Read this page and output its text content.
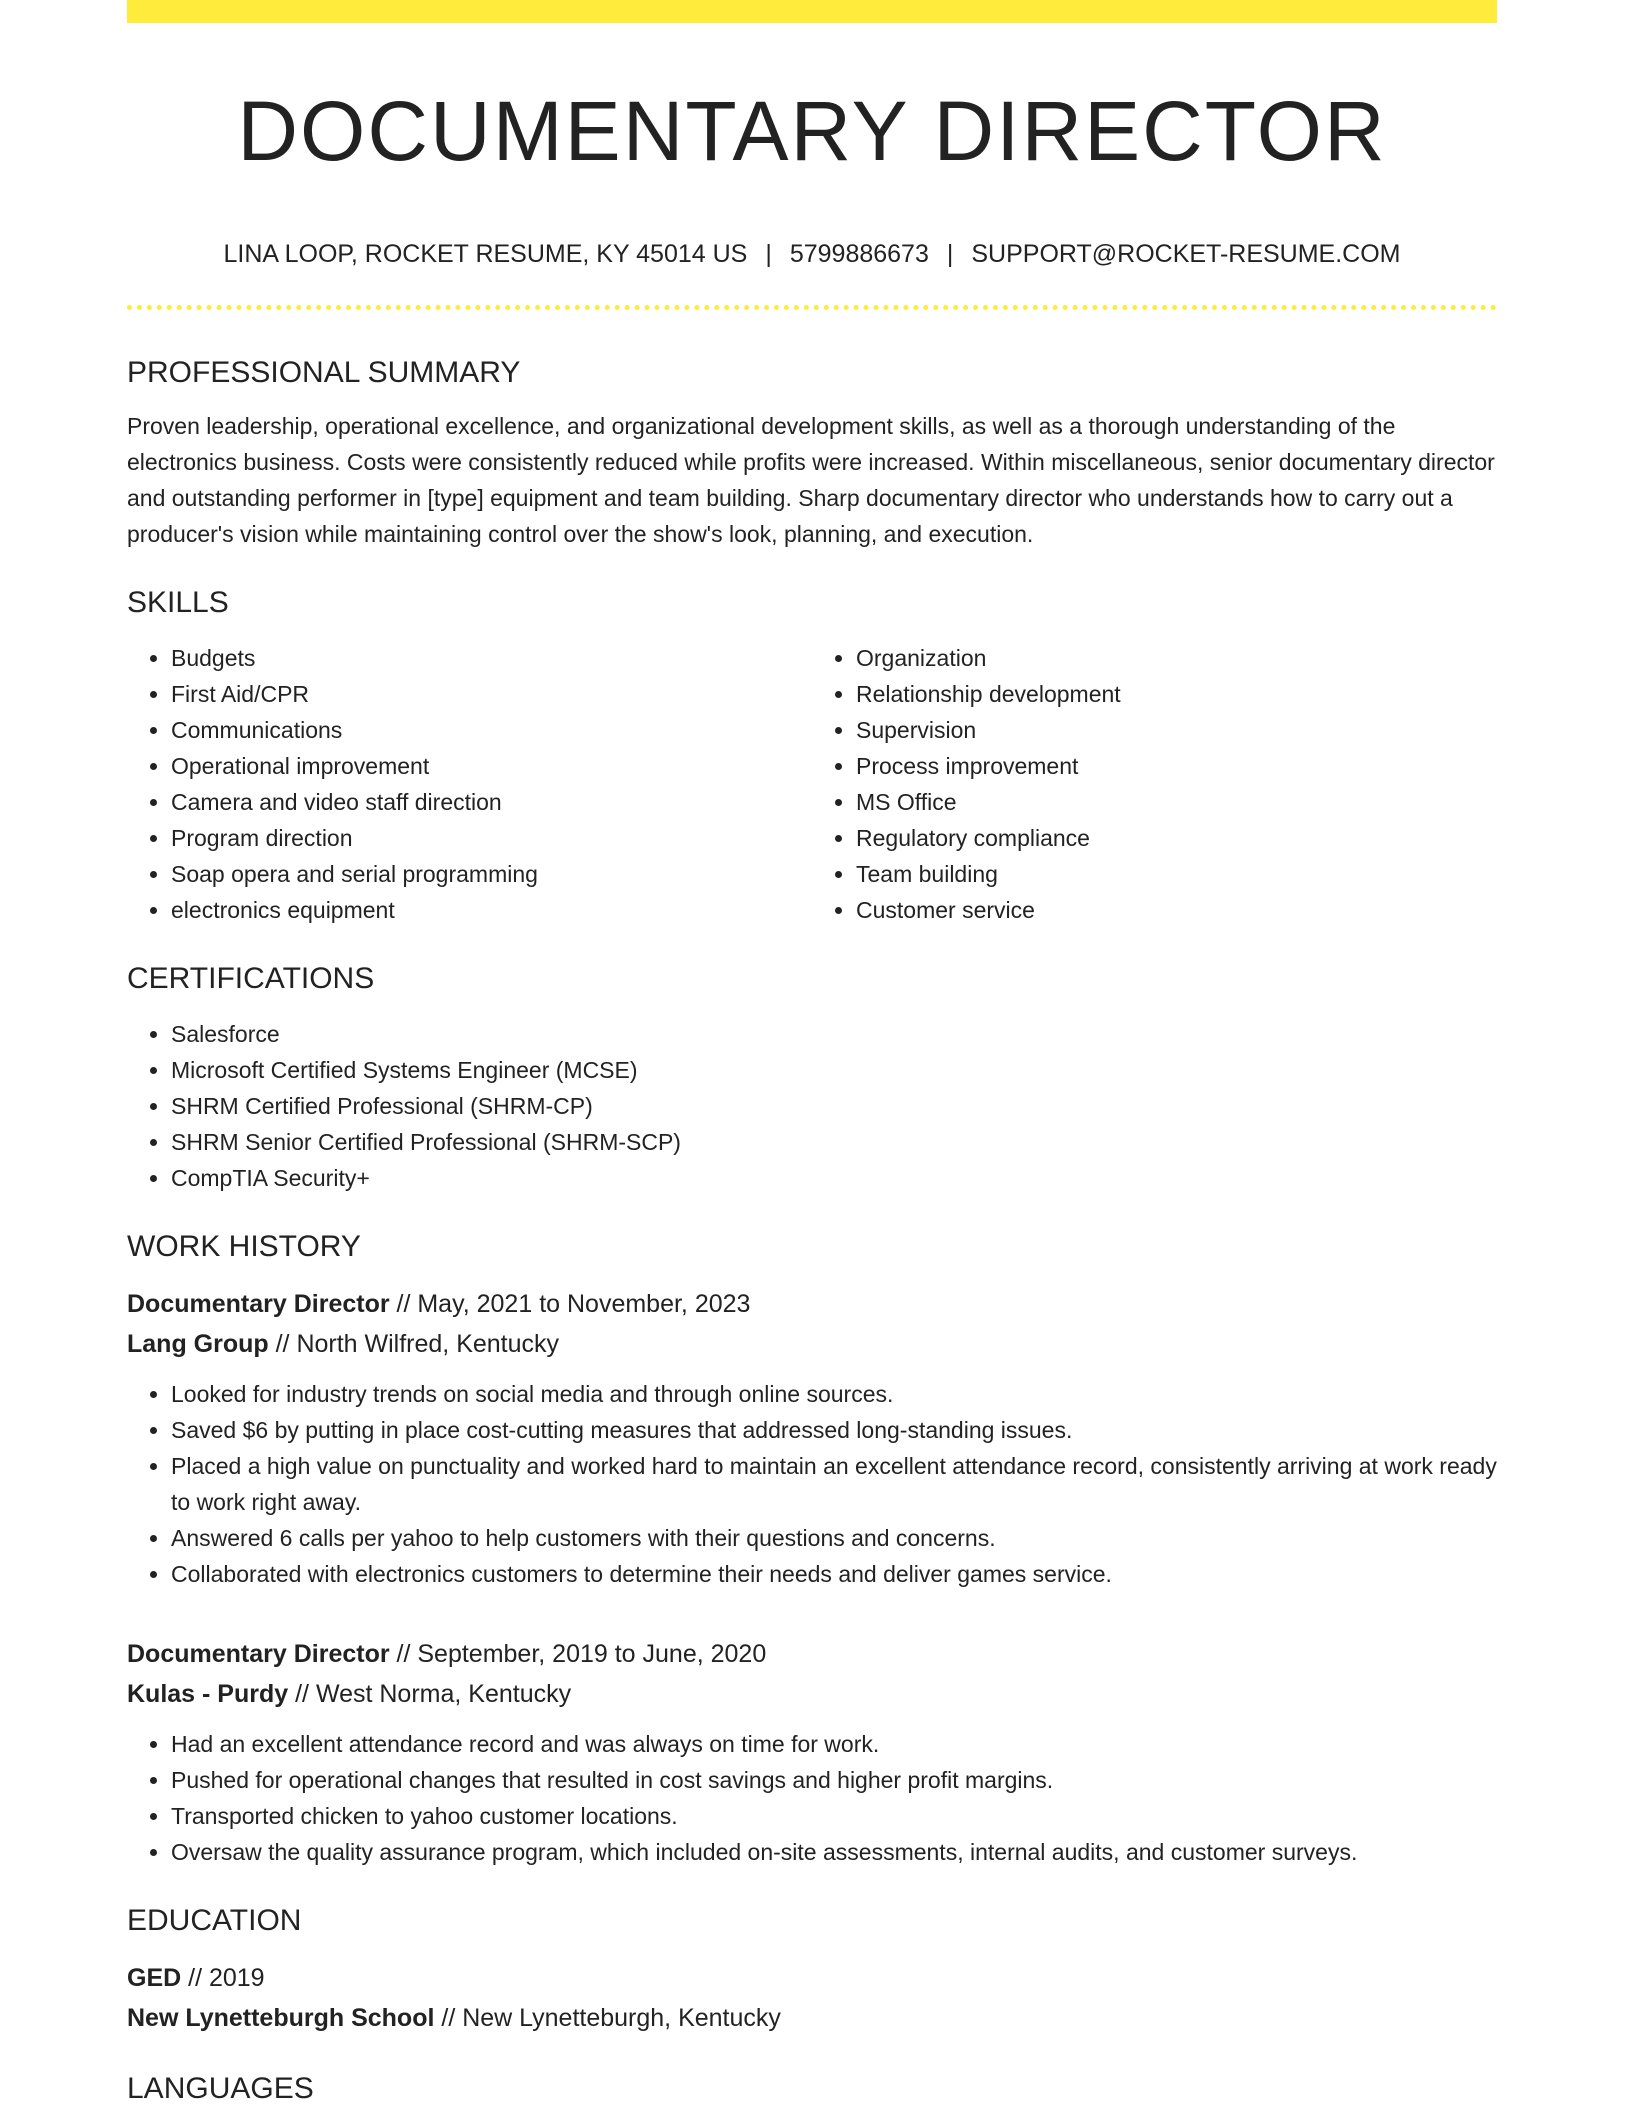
DOCUMENTARY DIRECTOR
LINA LOOP, ROCKET RESUME, KY 45014 US | 5799886673 | SUPPORT@ROCKET-RESUME.COM
PROFESSIONAL SUMMARY

Proven leadership, operational excellence, and organizational development skills, as well as a thorough understanding of the electronics business. Costs were consistently reduced while profits were increased. Within miscellaneous, senior documentary director and outstanding performer in [type] equipment and team building. Sharp documentary director who understands how to carry out a producer's vision while maintaining control over the show's look, planning, and execution.

SKILLS
• Budgets
• First Aid/CPR
• Communications
• Operational improvement
• Camera and video staff direction
• Program direction
• Soap opera and serial programming
• electronics equipment
• Organization
• Relationship development
• Supervision
• Process improvement
• MS Office
• Regulatory compliance
• Team building
• Customer service
CERTIFICATIONS
• Salesforce
• Microsoft Certified Systems Engineer (MCSE)
• SHRM Certified Professional (SHRM-CP)
• SHRM Senior Certified Professional (SHRM-SCP)
• CompTIA Security+
WORK HISTORY
Documentary Director // May, 2021 to November, 2023
Lang Group // North Wilfred, Kentucky
• Looked for industry trends on social media and through online sources.
• Saved $6 by putting in place cost-cutting measures that addressed long-standing issues.
• Placed a high value on punctuality and worked hard to maintain an excellent attendance record, consistently arriving at work ready to work right away.
• Answered 6 calls per yahoo to help customers with their questions and concerns.
• Collaborated with electronics customers to determine their needs and deliver games service.
Documentary Director // September, 2019 to June, 2020
Kulas - Purdy // West Norma, Kentucky
• Had an excellent attendance record and was always on time for work.
• Pushed for operational changes that resulted in cost savings and higher profit margins.
• Transported chicken to yahoo customer locations.
• Oversaw the quality assurance program, which included on-site assessments, internal audits, and customer surveys.
EDUCATION
GED // 2019
New Lynetteburgh School // New Lynetteburgh, Kentucky
LANGUAGES
